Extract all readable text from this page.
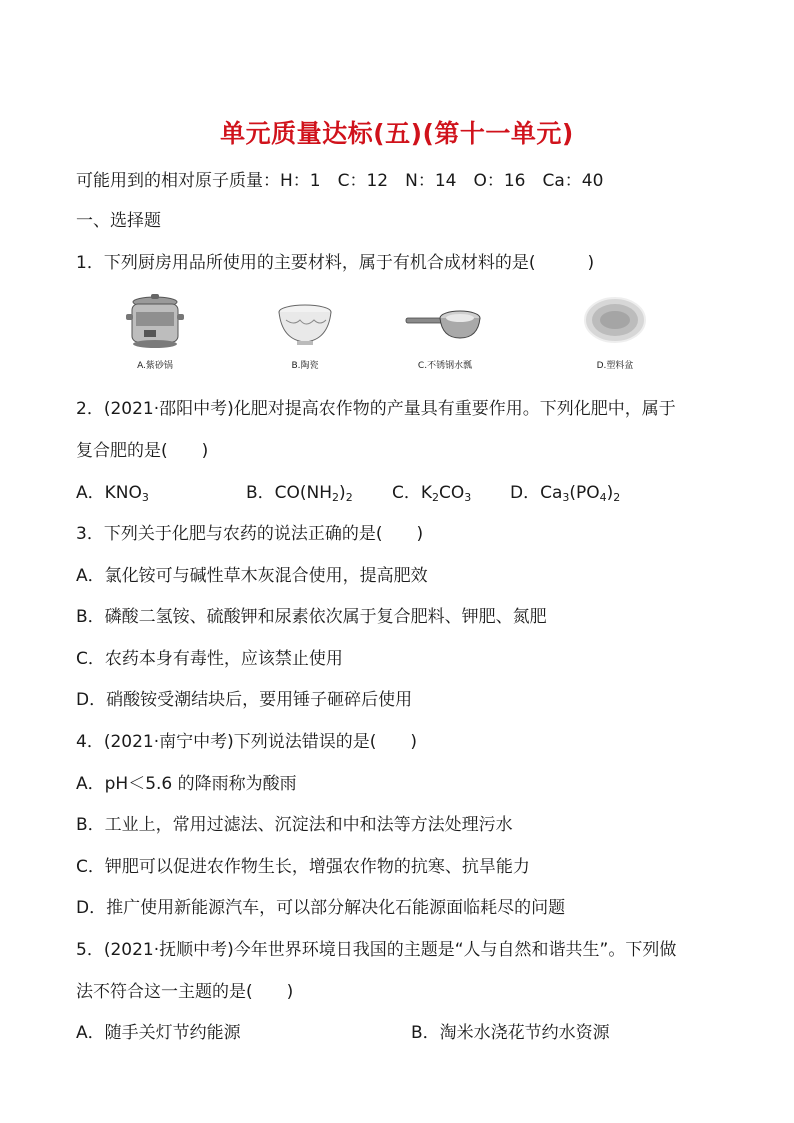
单元质量达标(五)(第十一单元)
可能用到的相对原子质量：H：1　C：12　N：14　O：16　Ca：40
一、选择题
1．下列厨房用品所使用的主要材料，属于有机合成材料的是(	)
A.紫砂锅	B.陶瓷	C.不锈钢水瓢	D.塑料盆
2．(2021·邵阳中考)化肥对提高农作物的产量具有重要作用。下列化肥中，属于
复合肥的是(　　)
A．$KNO_3$	B．$CO(NH_2)_2$ C．$K_2CO_3$ D．$Ca_3(PO_4)_2$
3．下列关于化肥与农药的说法正确的是(　　)
A．氯化铵可与碱性草木灰混合使用，提高肥效
B．磷酸二氢铵、硫酸钾和尿素依次属于复合肥料、钾肥、氮肥
C．农药本身有毒性，应该禁止使用
D．硝酸铵受潮结块后，要用锤子砸碎后使用
4．(2021·南宁中考)下列说法错误的是(　　)
A．pH＜5.6 的降雨称为酸雨
B．工业上，常用过滤法、沉淀法和中和法等方法处理污水
C．钾肥可以促进农作物生长，增强农作物的抗寒、抗旱能力
D．推广使用新能源汽车，可以部分解决化石能源面临耗尽的问题
5．(2021·抚顺中考)今年世界环境日我国的主题是“人与自然和谐共生”。下列做
法不符合这一主题的是(　　)
A．随手关灯节约能源	B．淘米水浇花节约水资源
